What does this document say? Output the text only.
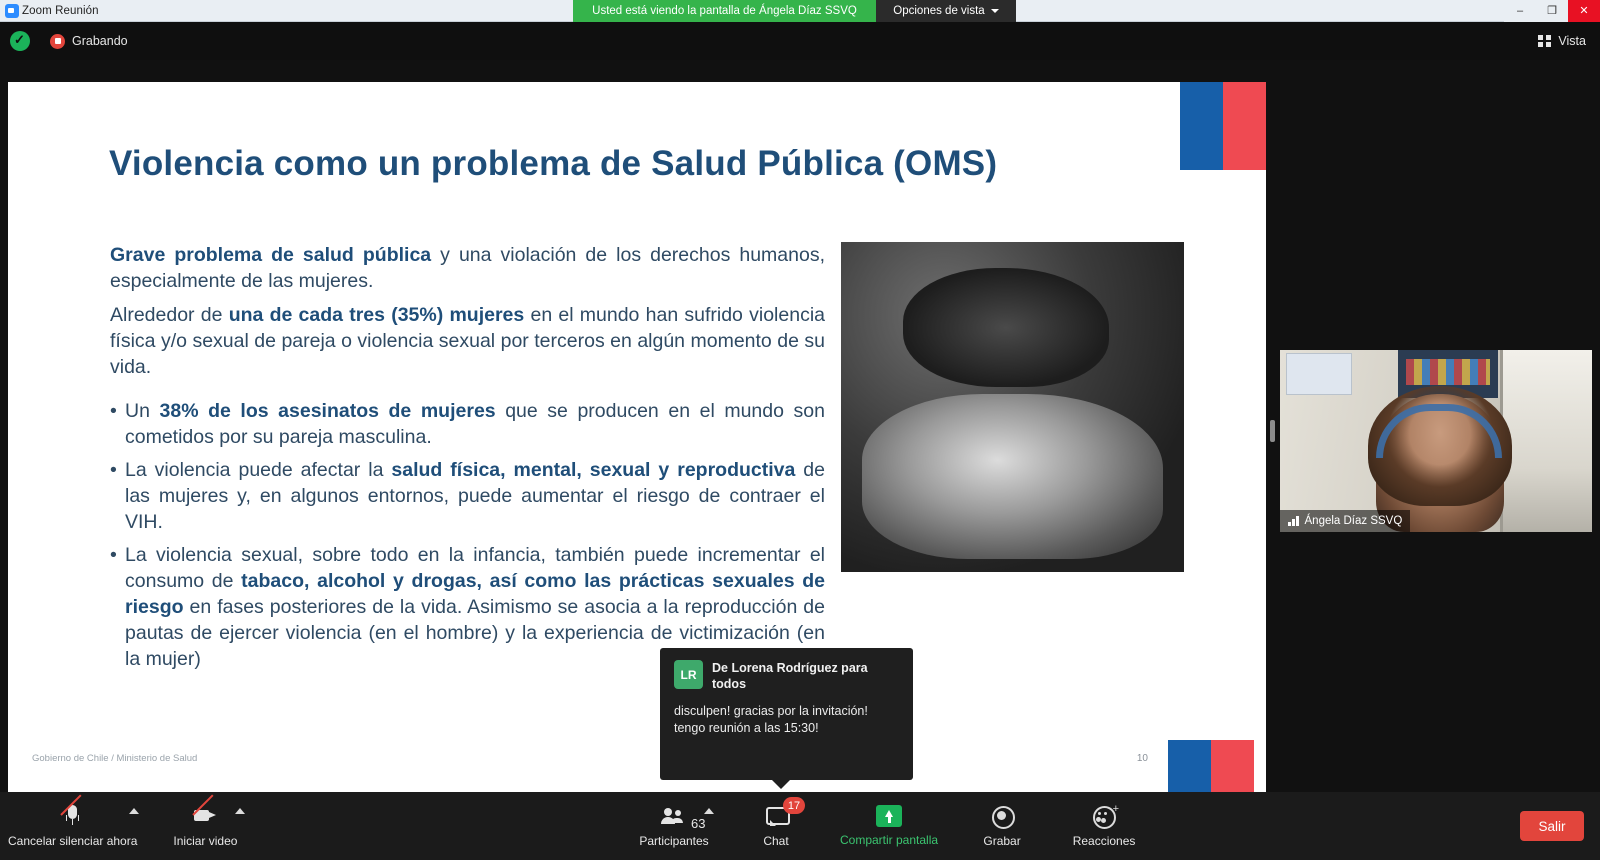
Zoom Reunión	Usted está viendo la pantalla de Ángela Díaz SSVQ	Opciones de vista	– ❐ ✕
✓
Grabando	Vista
Violencia como un problema de Salud Pública (OMS)

Grave problema de salud pública y una violación de los derechos humanos, especialmente de las mujeres.

Alrededor de una de cada tres (35%) mujeres en el mundo han sufrido violencia física y/o sexual de pareja o violencia sexual por terceros en algún momento de su vida.

• Un 38% de los asesinatos de mujeres que se producen en el mundo son cometidos por su pareja masculina.
• La violencia puede afectar la salud física, mental, sexual y reproductiva de las mujeres y, en algunos entornos, puede aumentar el riesgo de contraer el VIH.
• La violencia sexual, sobre todo en la infancia, también puede incrementar el consumo de tabaco, alcohol y drogas, así como las prácticas sexuales de riesgo en fases posteriores de la vida. Asimismo se asocia a la reproducción de pautas de ejercer violencia (en el hombre) y la experiencia de victimización (en la mujer)
Gobierno de Chile / Ministerio de Salud	10
LR	De Lorena Rodríguez para todos
disculpen! gracias por la invitación! tengo reunión a las 15:30!
Ángela Díaz SSVQ
Cancelar silenciar ahora	Iniciar video
63
Participantes
17
Chat	Compartir pantalla	Grabar
+
Reacciones
Salir
